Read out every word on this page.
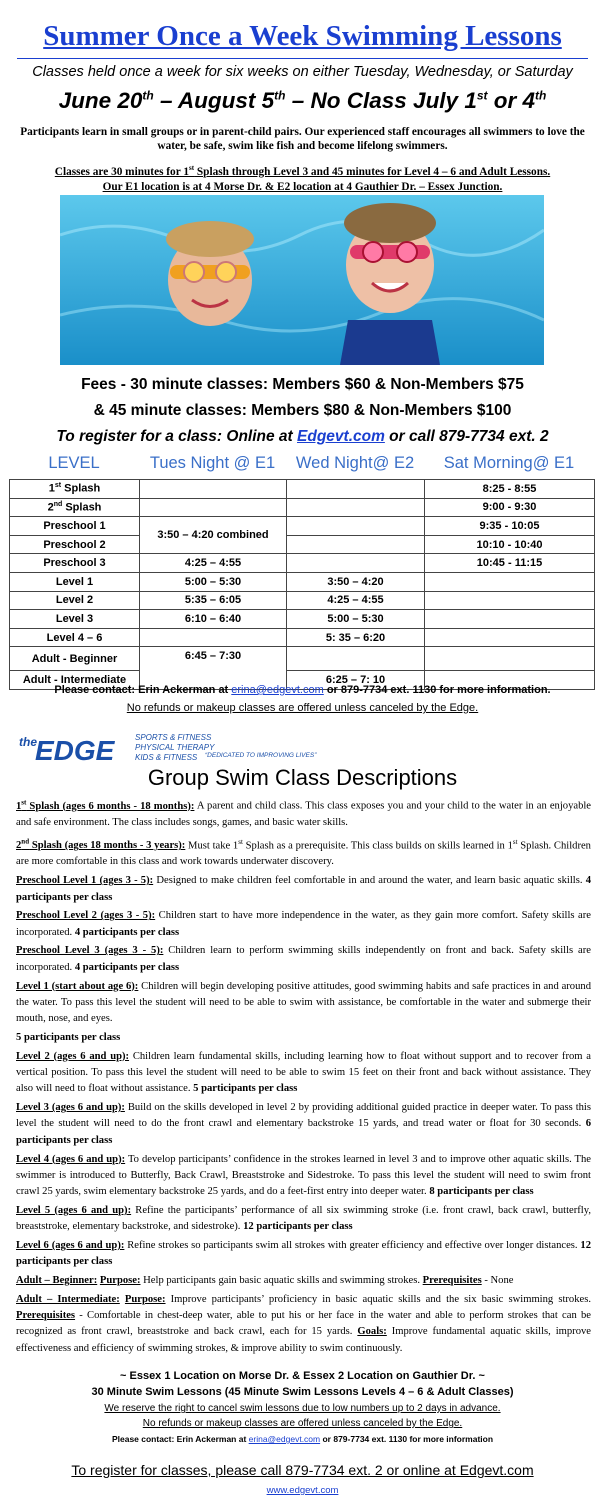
Summer Once a Week Swimming Lessons
Classes held once a week for six weeks on either Tuesday, Wednesday, or Saturday
June 20th – August 5th – No Class July 1st or 4th
Participants learn in small groups or in parent-child pairs. Our experienced staff encourages all swimmers to love the water, be safe, swim like fish and become lifelong swimmers.
Classes are 30 minutes for 1st Splash through Level 3 and 45 minutes for Level 4 – 6 and Adult Lessons.
Our E1 location is at 4 Morse Dr. & E2 location at 4 Gauthier Dr. – Essex Junction.
Fees - 30 minute classes: Members $60 & Non-Members $75
& 45 minute classes: Members $80 & Non-Members $100
To register for a class: Online at Edgevt.com or call 879-7734 ext. 2
LEVEL	Tues Night @ E1	Wed Night@ E2	Sat Morning@ E1
1st Splash			8:25 - 8:55
2nd Splash			9:00 - 9:30
Preschool 1	3:50 – 4:20 combined		9:35 - 10:05
Preschool 2			10:10 - 10:40
Preschool 3	4:25 – 4:55		10:45 - 11:15
Level 1	5:00 – 5:30	3:50 – 4:20	
Level 2	5:35 – 6:05	4:25 – 4:55	
Level 3	6:10 – 6:40	5:00 – 5:30	
Level 4 – 6		5: 35 – 6:20	
Adult - Beginner	6:45 – 7:30		
Adult - Intermediate		6:25 – 7: 10	
Please contact: Erin Ackerman at erina@edgevt.com or 879-7734 ext. 1130 for more information.
No refunds or makeup classes are offered unless canceled by the Edge.
the
EDGE	SPORTS & FITNESS
PHYSICAL THERAPY
KIDS & FITNESS “DEDICATED TO IMPROVING LIVES”
Group Swim Class Descriptions

1st Splash (ages 6 months - 18 months): A parent and child class. This class exposes you and your child to the water in an enjoyable and safe environment. The class includes songs, games, and basic water skills.

2nd Splash (ages 18 months - 3 years): Must take 1st Splash as a prerequisite. This class builds on skills learned in 1st Splash. Children are more comfortable in this class and work towards underwater discovery.

Preschool Level 1 (ages 3 - 5): Designed to make children feel comfortable in and around the water, and learn basic aquatic skills. 4 participants per class

Preschool Level 2 (ages 3 - 5): Children start to have more independence in the water, as they gain more comfort. Safety skills are incorporated. 4 participants per class

Preschool Level 3 (ages 3 - 5): Children learn to perform swimming skills independently on front and back. Safety skills are incorporated. 4 participants per class

Level 1 (start about age 6): Children will begin developing positive attitudes, good swimming habits and safe practices in and around the water. To pass this level the student will need to be able to swim with assistance, be comfortable in the water and submerge their mouth, nose, and eyes.

5 participants per class

Level 2 (ages 6 and up): Children learn fundamental skills, including learning how to float without support and to recover from a vertical position. To pass this level the student will need to be able to swim 15 feet on their front and back without assistance. They also will need to float without assistance. 5 participants per class

Level 3 (ages 6 and up): Build on the skills developed in level 2 by providing additional guided practice in deeper water. To pass this level the student will need to do the front crawl and elementary backstroke 15 yards, and tread water or float for 30 seconds. 6 participants per class

Level 4 (ages 6 and up): To develop participants’ confidence in the strokes learned in level 3 and to improve other aquatic skills. The swimmer is introduced to Butterfly, Back Crawl, Breaststroke and Sidestroke. To pass this level the student will need to swim front crawl 25 yards, swim elementary backstroke 25 yards, and do a feet-first entry into deeper water. 8 participants per class

Level 5 (ages 6 and up): Refine the participants’ performance of all six swimming stroke (i.e. front crawl, back crawl, butterfly, breaststroke, elementary backstroke, and sidestroke). 12 participants per class

Level 6 (ages 6 and up): Refine strokes so participants swim all strokes with greater efficiency and effective over longer distances. 12 participants per class

Adult – Beginner: Purpose: Help participants gain basic aquatic skills and swimming strokes. Prerequisites - None

Adult – Intermediate: Purpose: Improve participants’ proficiency in basic aquatic skills and the six basic swimming strokes. Prerequisites - Comfortable in chest-deep water, able to put his or her face in the water and able to perform strokes that can be recognized as front crawl, breaststroke and back crawl, each for 15 yards. Goals: Improve fundamental aquatic skills, improve effectiveness and efficiency of swimming strokes, & improve ability to swim continuously.

~ Essex 1 Location on Morse Dr. & Essex 2 Location on Gauthier Dr. ~
30 Minute Swim Lessons (45 Minute Swim Lessons Levels 4 – 6 & Adult Classes)
We reserve the right to cancel swim lessons due to low numbers up to 2 days in advance.
No refunds or makeup classes are offered unless canceled by the Edge.
Please contact: Erin Ackerman at erina@edgevt.com or 879-7734 ext. 1130 for more information
To register for classes, please call 879-7734 ext. 2 or online at Edgevt.com
www.edgevt.com
